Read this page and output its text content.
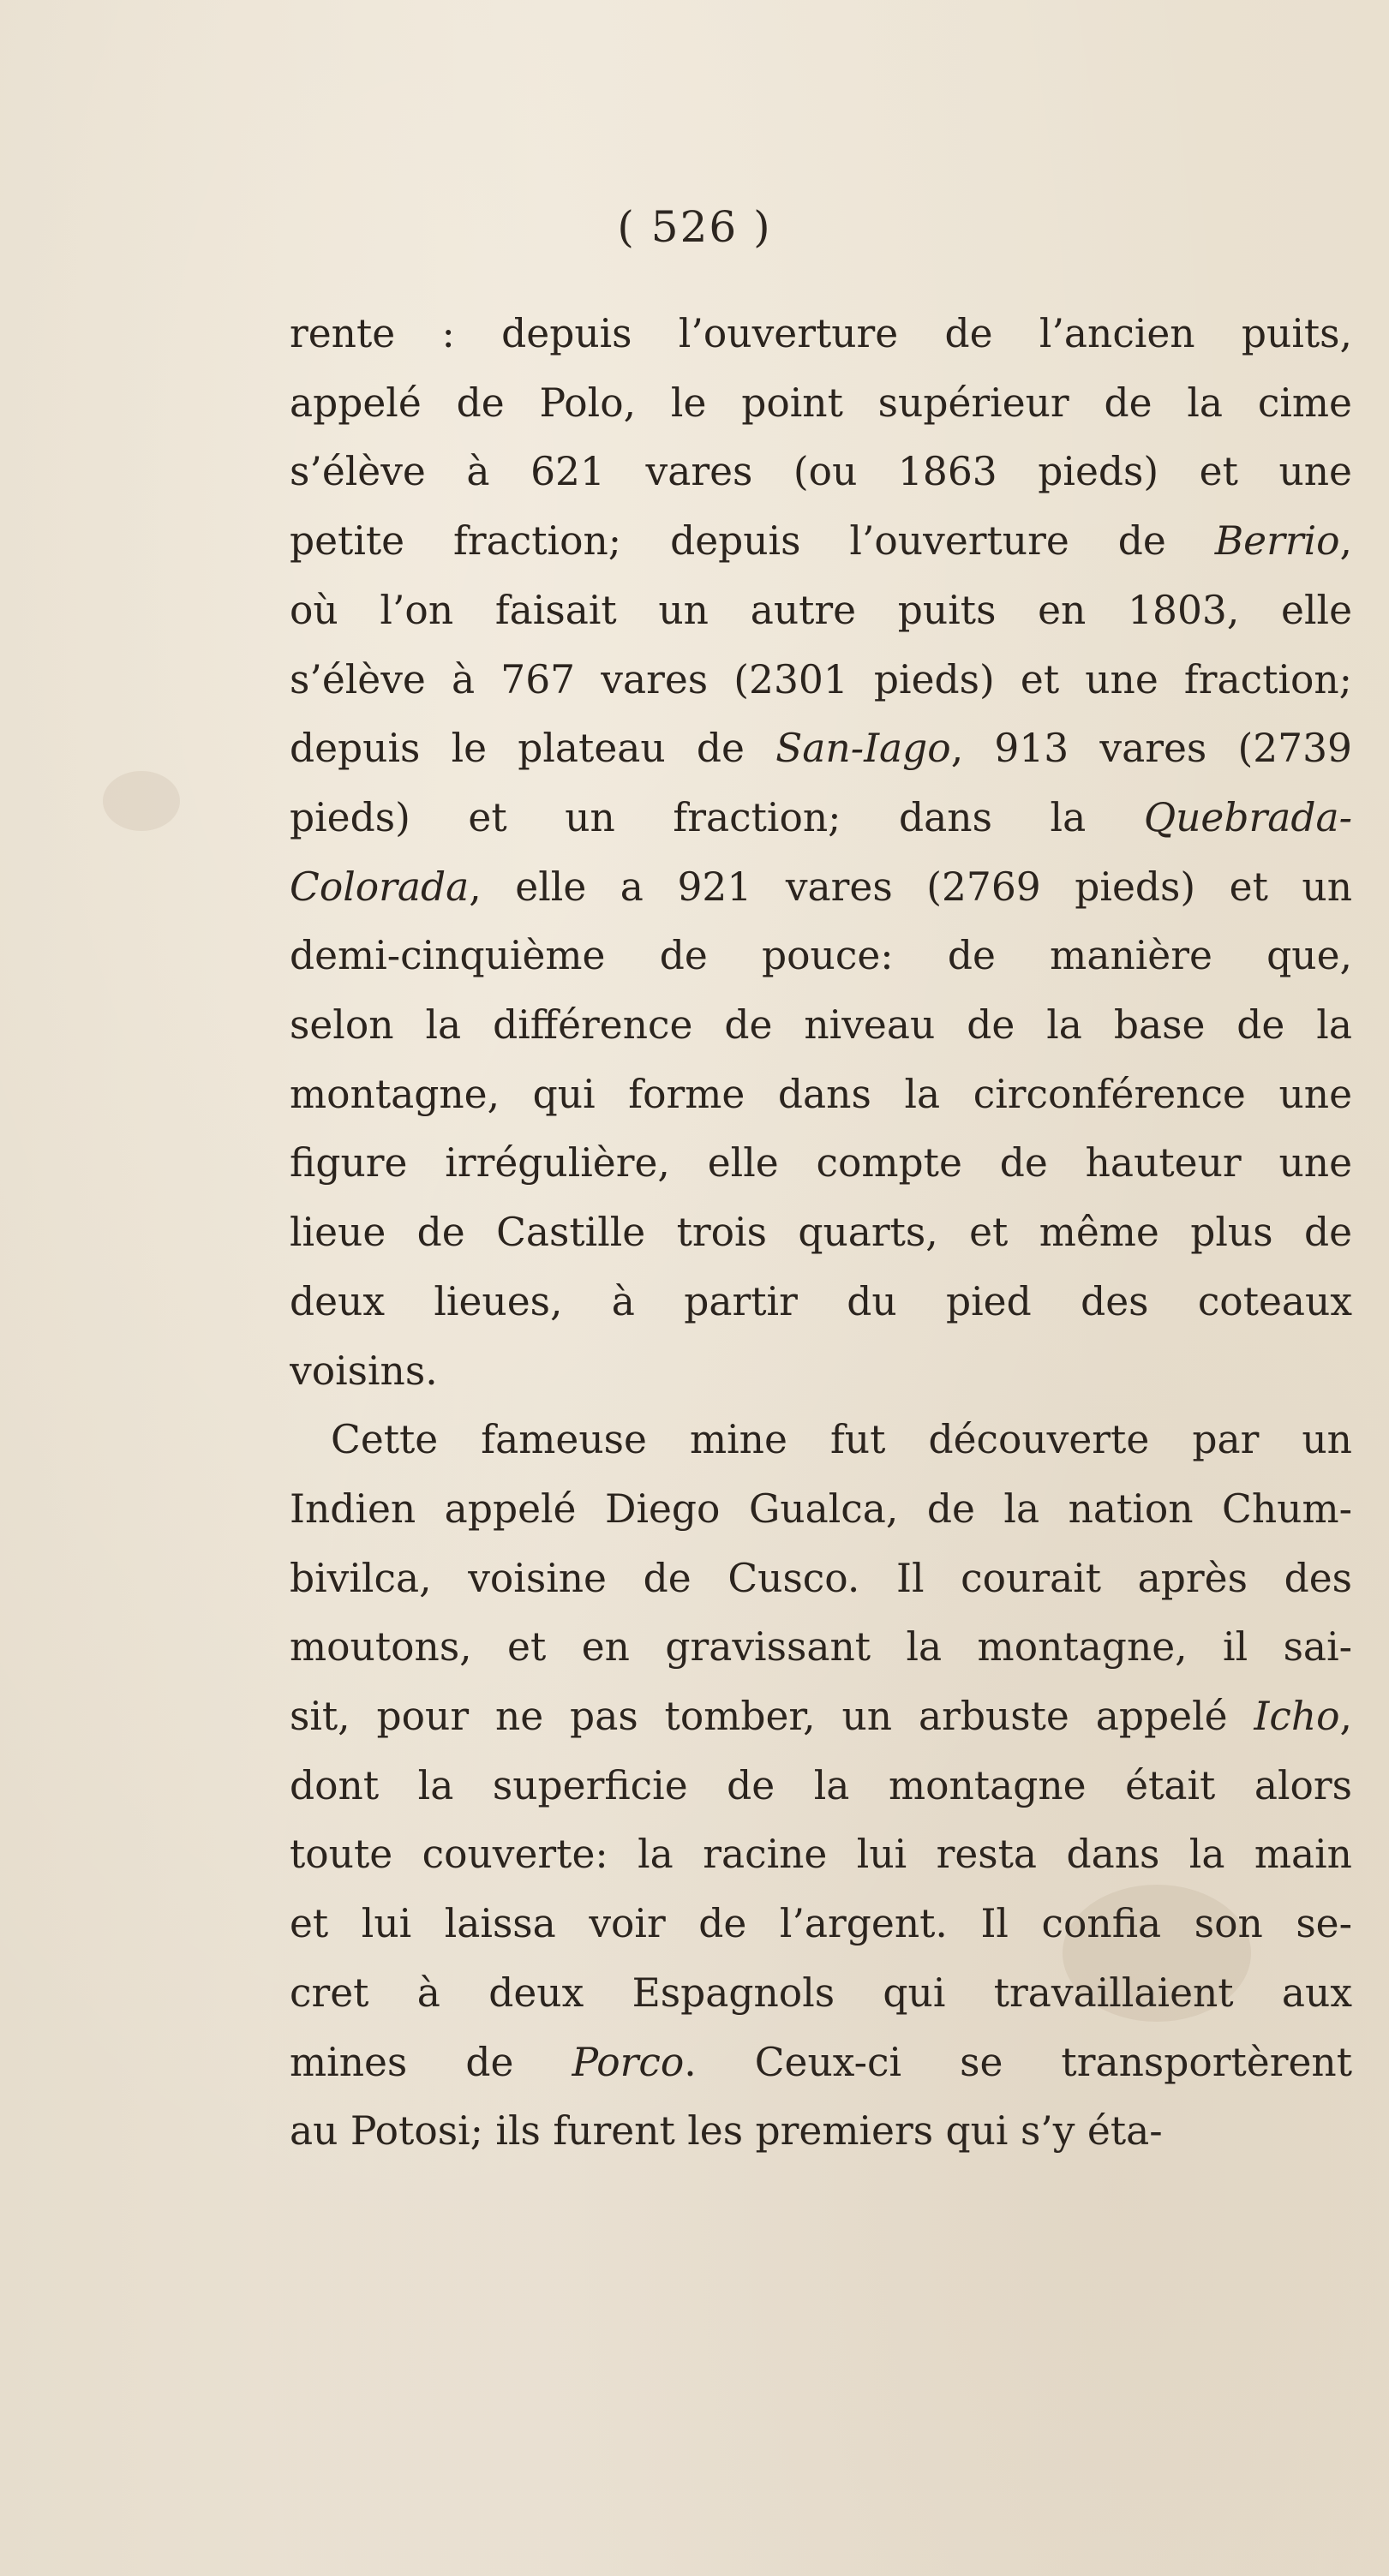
( 526 )
rente : depuis l’ouverture de l’ancien puits,
appelé de Polo, le point supérieur de la cime
s’élève à 621 vares (ou 1863 pieds) et une
petite fraction; depuis l’ouverture de Berrio,
où l’on faisait un autre puits en 1803, elle
s’élève à 767 vares (2301 pieds) et une fraction;
depuis le plateau de San-Iago, 913 vares (2739
pieds) et un fraction; dans la Quebrada-
Colorada, elle a 921 vares (2769 pieds) et un
demi-cinquième de pouce: de manière que,
selon la différence de niveau de la base de la
montagne, qui forme dans la circonférence une
figure irrégulière, elle compte de hauteur une
lieue de Castille trois quarts, et même plus de
deux lieues, à partir du pied des coteaux
voisins.
Cette fameuse mine fut découverte par un
Indien appelé Diego Gualca, de la nation Chum-
bivilca, voisine de Cusco. Il courait après des
moutons, et en gravissant la montagne, il sai-
sit, pour ne pas tomber, un arbuste appelé Icho,
dont la superficie de la montagne était alors
toute couverte: la racine lui resta dans la main
et lui laissa voir de l’argent. Il confia son se-
cret à deux Espagnols qui travaillaient aux
mines de Porco. Ceux-ci se transportèrent
au Potosi; ils furent les premiers qui s’y éta-
